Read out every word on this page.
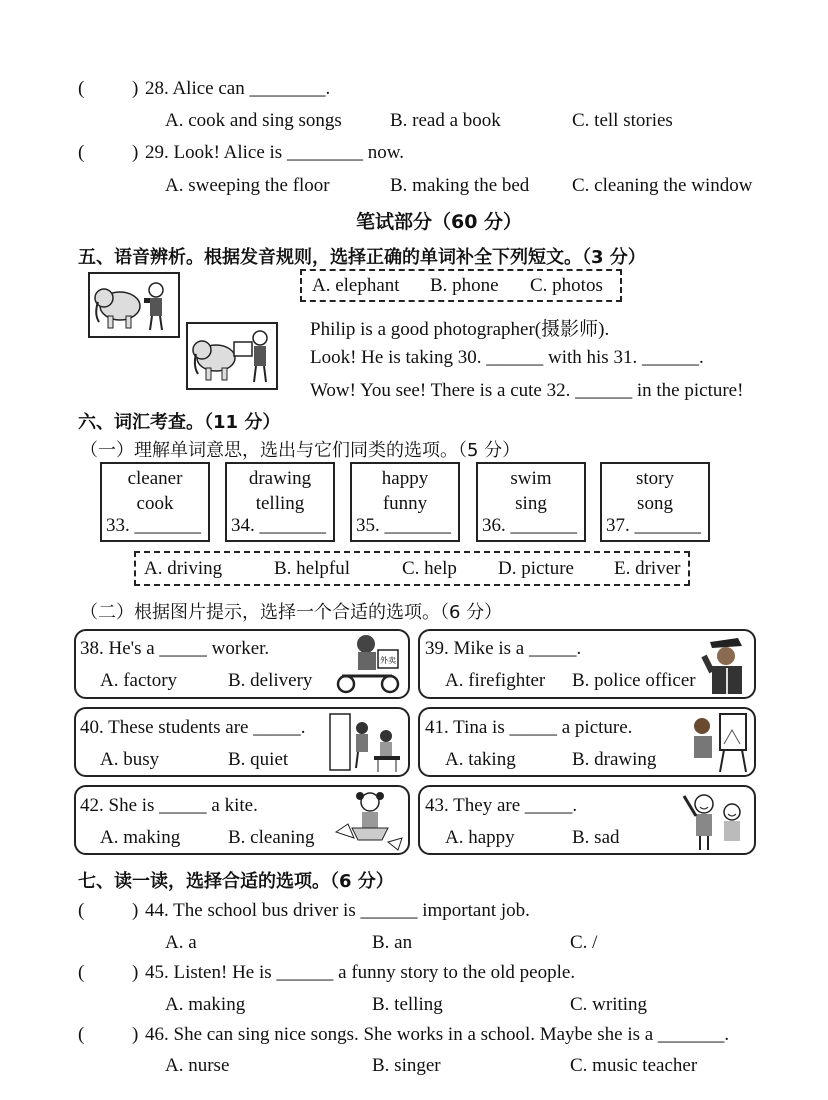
(	) 28. Alice can ________.
A. cook and sing songs	B. read a book	C. tell stories
(	) 29. Look! Alice is ________ now.
A. sweeping the floor	B. making the bed C. cleaning the window
笔试部分（60 分）
五、语音辨析。根据发音规则，选择正确的单词补全下列短文。（3 分）
A. elephant B. phone C. photos
Philip is a good photographer(摄影师).
Look! He is taking 30. ______ with his 31. ______.
Wow! You see! There is a cute 32. ______ in the picture!
六、词汇考查。（11 分）
（一）理解单词意思，选出与它们同类的选项。（5 分）
cleaner
cook
33. _______
drawing
telling
34. _______
happy
funny
35. _______
swim
sing
36. _______
story
song
37. _______
A. driving	B. helpful	C. help D. picture E. driver
（二）根据图片提示，选择一个合适的选项。（6 分）
38. He's a _____ worker.
A. factory	B. delivery
外卖
39. Mike is a _____.
A. firefighter B. police officer
40. These students are _____.
A. busy	B. quiet
41. Tina is _____ a picture.
A. taking	B. drawing
42. She is _____ a kite.
A. making	B. cleaning
43. They are _____.
A. happy	B. sad
七、读一读，选择合适的选项。（6 分）
(	) 44. The school bus driver is ______ important job.
A. a	B. an	C. /
(	) 45. Listen! He is ______ a funny story to the old people.
A. making	B. telling	C. writing
(	) 46. She can sing nice songs. She works in a school. Maybe she is a _______.
A. nurse	B. singer	C. music teacher
